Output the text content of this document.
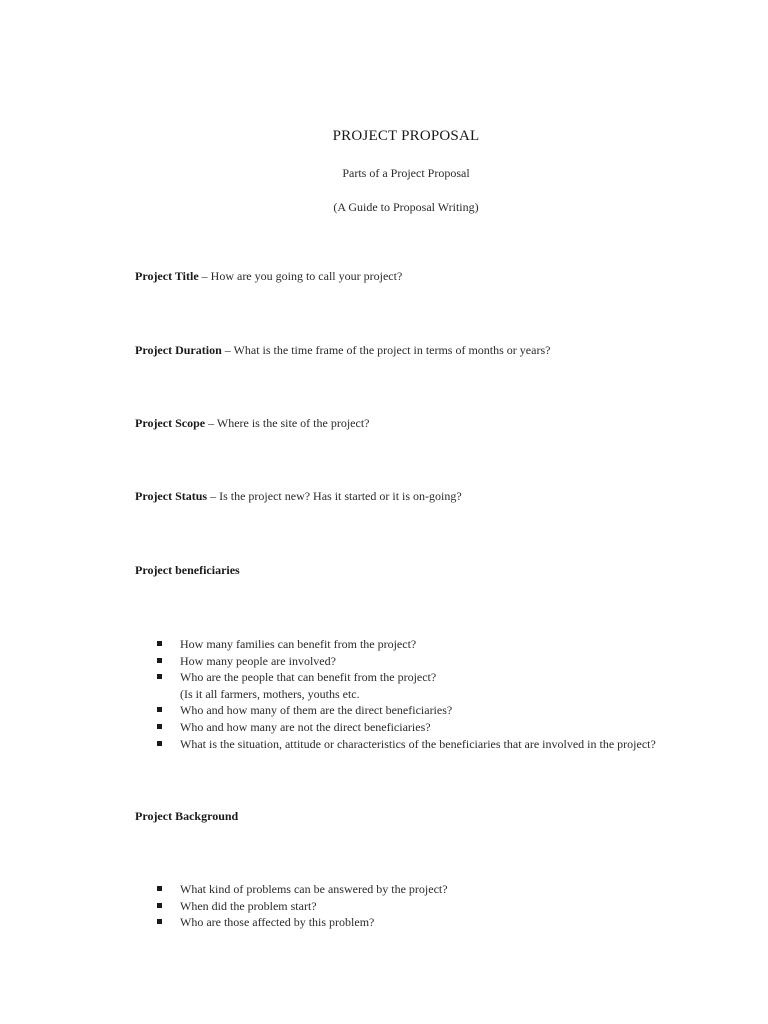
PROJECT PROPOSAL
Parts of a Project Proposal
(A Guide to Proposal Writing)
Project Title – How are you going to call your project?
Project Duration – What is the time frame of the project in terms of months or years?
Project Scope – Where is the site of the project?
Project Status – Is the project new? Has it started or it is on-going?
Project beneficiaries
How many families can benefit from the project?
How many people are involved?
Who are the people that can benefit from the project?
(Is it all farmers, mothers, youths etc.
Who and how many of them are the direct beneficiaries?
Who and how many are not the direct beneficiaries?
What is the situation, attitude or characteristics of the beneficiaries that are involved in the project?
Project Background
What kind of problems can be answered by the project?
When did the problem start?
Who are those affected by this problem?
